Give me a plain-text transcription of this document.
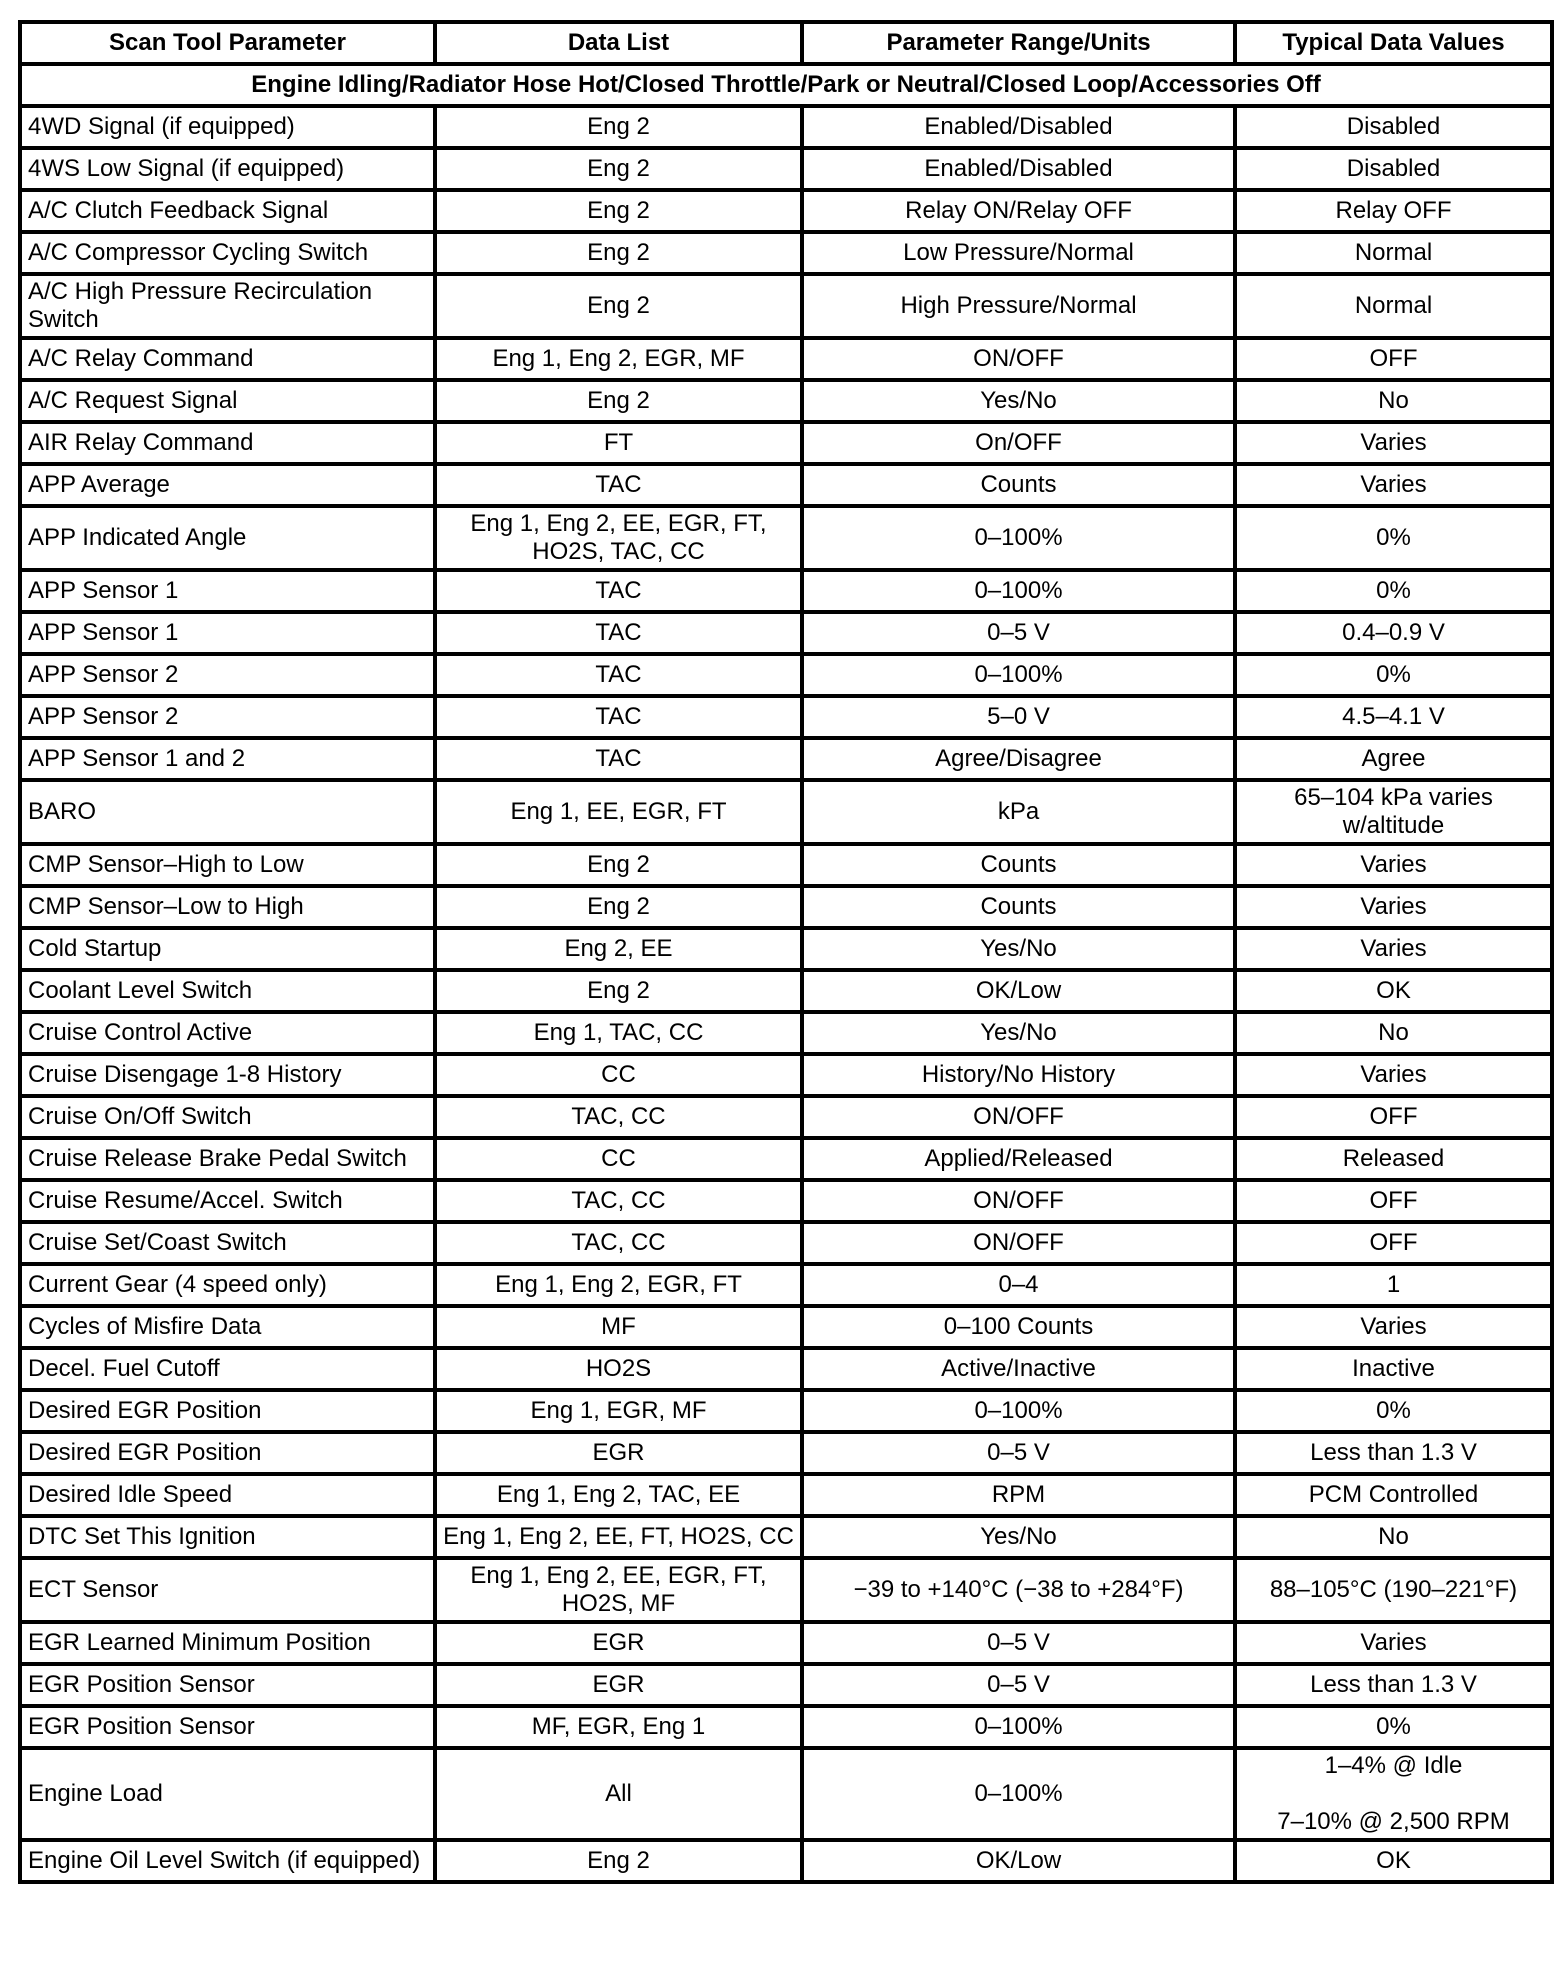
Scan Tool Parameter	Data List	Parameter Range/Units	Typical Data Values
Engine Idling/Radiator Hose Hot/Closed Throttle/Park or Neutral/Closed Loop/Accessories Off			
4WD Signal (if equipped)	Eng 2	Enabled/Disabled	Disabled

4WS Low Signal (if equipped)	Eng 2	Enabled/Disabled	Disabled

A/C Clutch Feedback Signal	Eng 2	Relay ON/Relay OFF	Relay OFF

A/C Compressor Cycling Switch	Eng 2	Low Pressure/Normal	Normal

A/C High Pressure Recirculation Switch	Eng 2	High Pressure/Normal	Normal

A/C Relay Command	Eng 1, Eng 2, EGR, MF	ON/OFF	OFF

A/C Request Signal	Eng 2	Yes/No	No

AIR Relay Command	FT	On/OFF	Varies

APP Average	TAC	Counts	Varies

APP Indicated Angle	Eng 1, Eng 2, EE, EGR, FT, HO2S, TAC, CC	0–100%	0%

APP Sensor 1	TAC	0–100%	0%

APP Sensor 1	TAC	0–5 V	0.4–0.9 V

APP Sensor 2	TAC	0–100%	0%

APP Sensor 2	TAC	5–0 V	4.5–4.1 V

APP Sensor 1 and 2	TAC	Agree/Disagree	Agree

BARO	Eng 1, EE, EGR, FT	kPa	65–104 kPa varies w/altitude

CMP Sensor–High to Low	Eng 2	Counts	Varies

CMP Sensor–Low to High	Eng 2	Counts	Varies

Cold Startup	Eng 2, EE	Yes/No	Varies

Coolant Level Switch	Eng 2	OK/Low	OK

Cruise Control Active	Eng 1, TAC, CC	Yes/No	No

Cruise Disengage 1-8 History	CC	History/No History	Varies

Cruise On/Off Switch	TAC, CC	ON/OFF	OFF

Cruise Release Brake Pedal Switch	CC	Applied/Released	Released

Cruise Resume/Accel. Switch	TAC, CC	ON/OFF	OFF

Cruise Set/Coast Switch	TAC, CC	ON/OFF	OFF

Current Gear (4 speed only)	Eng 1, Eng 2, EGR, FT	0–4	1

Cycles of Misfire Data	MF	0–100 Counts	Varies

Decel. Fuel Cutoff	HO2S	Active/Inactive	Inactive

Desired EGR Position	Eng 1, EGR, MF	0–100%	0%

Desired EGR Position	EGR	0–5 V	Less than 1.3 V

Desired Idle Speed	Eng 1, Eng 2, TAC, EE	RPM	PCM Controlled

DTC Set This Ignition	Eng 1, Eng 2, EE, FT, HO2S, CC	Yes/No	No

ECT Sensor	Eng 1, Eng 2, EE, EGR, FT, HO2S, MF	−39 to +140°C (−38 to +284°F)	88–105°C (190–221°F)

EGR Learned Minimum Position	EGR	0–5 V	Varies

EGR Position Sensor	EGR	0–5 V	Less than 1.3 V

EGR Position Sensor	MF, EGR, Eng 1	0–100%	0%

Engine Load	All	0–100%	1–4% @ Idle
7–10% @ 2,500 RPM

Engine Oil Level Switch (if equipped)	Eng 2	OK/Low	OK
